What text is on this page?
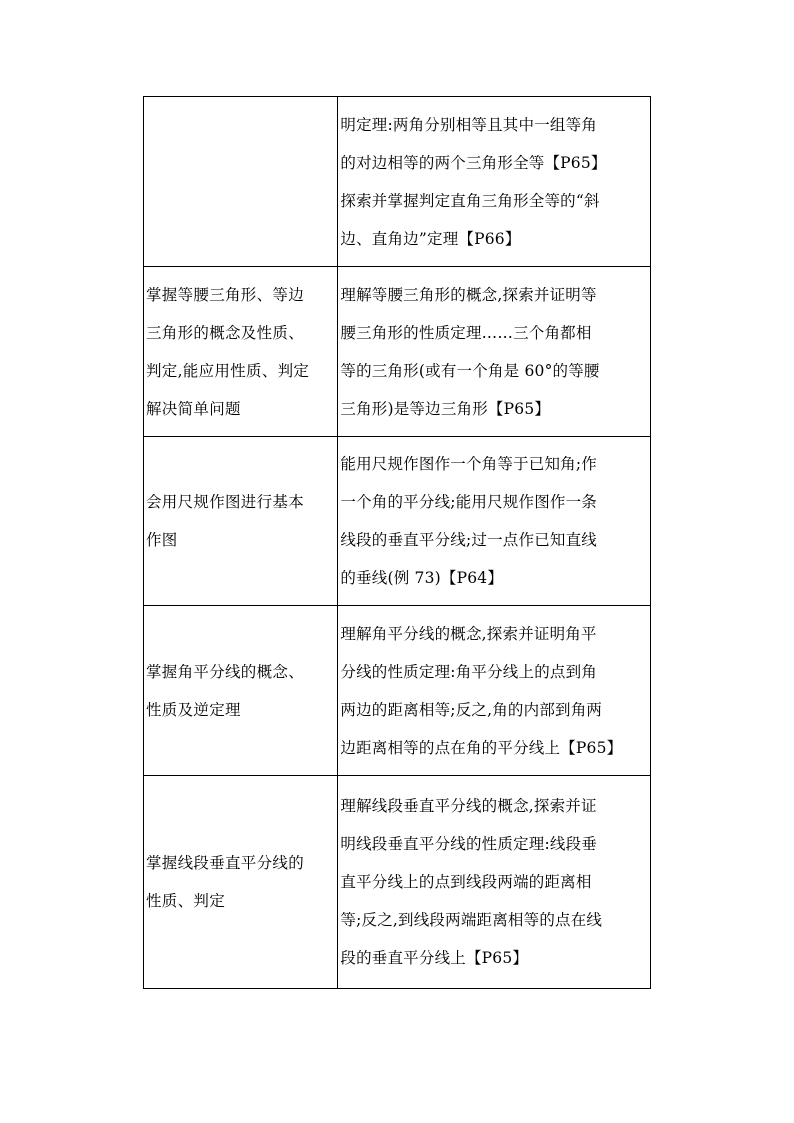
	明定理:两角分别相等且其中一组等角
的对边相等的两个三角形全等【P65】
探索并掌握判定直角三角形全等的“斜
边、直角边”定理【P66】

掌握等腰三角形、等边
三角形的概念及性质、
判定,能应用性质、判定
解决简单问题	理解等腰三角形的概念,探索并证明等
腰三角形的性质定理……三个角都相
等的三角形(或有一个角是 60°的等腰
三角形)是等边三角形【P65】

会用尺规作图进行基本
作图	能用尺规作图作一个角等于已知角;作
一个角的平分线;能用尺规作图作一条
线段的垂直平分线;过一点作已知直线
的垂线(例 73)【P64】

掌握角平分线的概念、
性质及逆定理	理解角平分线的概念,探索并证明角平
分线的性质定理:角平分线上的点到角
两边的距离相等;反之,角的内部到角两
边距离相等的点在角的平分线上【P65】

掌握线段垂直平分线的
性质、判定	理解线段垂直平分线的概念,探索并证
明线段垂直平分线的性质定理:线段垂
直平分线上的点到线段两端的距离相
等;反之,到线段两端距离相等的点在线
段的垂直平分线上【P65】
